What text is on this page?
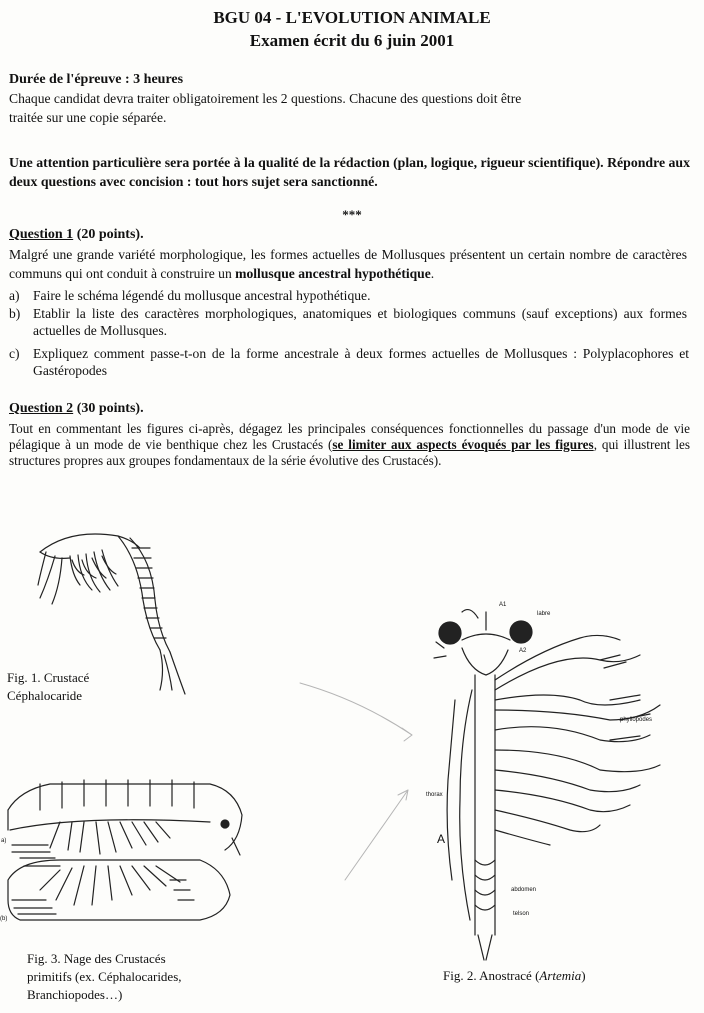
BGU 04 - L'EVOLUTION ANIMALE
Examen écrit du 6 juin 2001
Durée de l'épreuve : 3 heures
Chaque candidat devra traiter obligatoirement les 2 questions. Chacune des questions doit être
traitée sur une copie séparée.
Une attention particulière sera portée à la qualité de la rédaction (plan, logique, rigueur scientifique). Répondre aux deux questions avec concision : tout hors sujet sera sanctionné.
***
Question 1 (20 points).
Malgré une grande variété morphologique, les formes actuelles de Mollusques présentent un certain nombre de caractères communs qui ont conduit à construire un mollusque ancestral hypothétique.
a) Faire le schéma légendé du mollusque ancestral hypothétique.
b) Etablir la liste des caractères morphologiques, anatomiques et biologiques communs (sauf exceptions) aux formes actuelles de Mollusques.
c) Expliquez comment passe-t-on de la forme ancestrale à deux formes actuelles de Mollusques : Polyplacophores et Gastéropodes
Question 2 (30 points).
Tout en commentant les figures ci-après, dégagez les principales conséquences fonctionnelles du passage d'un mode de vie pélagique à un mode de vie benthique chez les Crustacés (se limiter aux aspects évoqués par les figures, qui illustrent les structures propres aux groupes fondamentaux de la série évolutive des Crustacés).
A1
labre
A2
phyllopodes
thorax
A
abdomen
telson
a)
(b)
Fig. 1. Crustacé
Céphalocaride
Fig. 3. Nage des Crustacés
primitifs (ex. Céphalocarides,
Branchiopodes…)
Fig. 2. Anostracé (Artemia)
